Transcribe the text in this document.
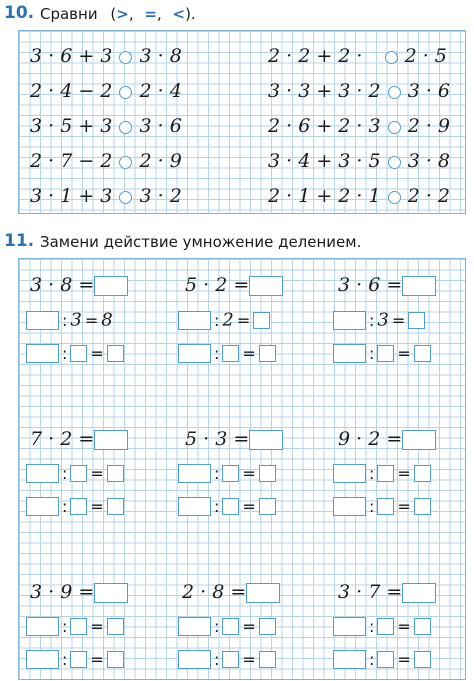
10. Сравни (>, =, <).
3 · 6 + 3 3 · 8
2 · 4 − 2 2 · 4
3 · 5 + 3 3 · 6
2 · 7 − 2 2 · 9
3 · 1 + 3 3 · 2
2 · 2 + 2 · 2 · 5
3 · 3 + 3 · 2 3 · 6
2 · 6 + 2 · 3 2 · 9
3 · 4 + 3 · 5 3 · 8
2 · 1 + 2 · 1 2 · 2
11. Замени действие умножение делением.
3 · 8 =
: 3 = 8
: =
5 · 2 =
: 2 =
: =
3 · 6 =
: 3 =
: =
7 · 2 =
: =
: =
5 · 3 =
: =
: =
9 · 2 =
: =
: =
3 · 9 =
: =
: =
2 · 8 =
: =
: =
3 · 7 =
: =
: =
